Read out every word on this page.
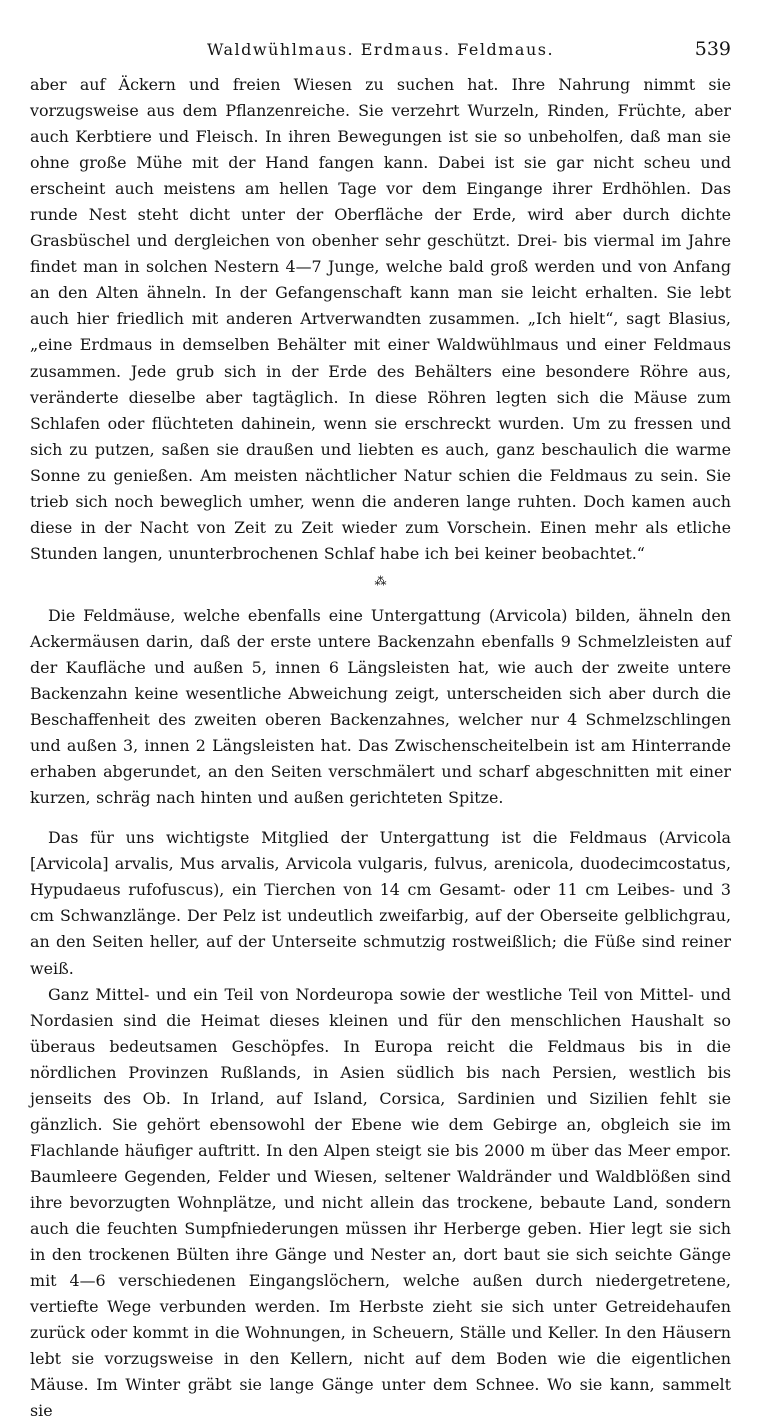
Waldwühlmaus. Erdmaus. Feldmaus.	539

aber auf Äckern und freien Wiesen zu suchen hat. Ihre Nahrung nimmt sie vorzugsweise aus dem Pflanzenreiche. Sie verzehrt Wurzeln, Rinden, Früchte, aber auch Kerbtiere und Fleisch. In ihren Bewegungen ist sie so unbeholfen, daß man sie ohne große Mühe mit der Hand fangen kann. Dabei ist sie gar nicht scheu und erscheint auch meistens am hellen Tage vor dem Eingange ihrer Erdhöhlen. Das runde Nest steht dicht unter der Oberfläche der Erde, wird aber durch dichte Grasbüschel und dergleichen von obenher sehr geschützt. Drei- bis viermal im Jahre findet man in solchen Nestern 4—7 Junge, welche bald groß werden und von Anfang an den Alten ähneln. In der Gefangenschaft kann man sie leicht erhalten. Sie lebt auch hier friedlich mit anderen Artverwandten zusammen. „Ich hielt“, sagt Blasius, „eine Erdmaus in demselben Behälter mit einer Waldwühlmaus und einer Feldmaus zusammen. Jede grub sich in der Erde des Behälters eine besondere Röhre aus, veränderte dieselbe aber tagtäglich. In diese Röhren legten sich die Mäuse zum Schlafen oder flüchteten dahinein, wenn sie erschreckt wurden. Um zu fressen und sich zu putzen, saßen sie draußen und liebten es auch, ganz beschaulich die warme Sonne zu genießen. Am meisten nächtlicher Natur schien die Feldmaus zu sein. Sie trieb sich noch beweglich umher, wenn die anderen lange ruhten. Doch kamen auch diese in der Nacht von Zeit zu Zeit wieder zum Vorschein. Einen mehr als etliche Stunden langen, ununterbrochenen Schlaf habe ich bei keiner beobachtet.“

⁂

Die Feldmäuse, welche ebenfalls eine Untergattung (Arvicola) bilden, ähneln den Ackermäusen darin, daß der erste untere Backenzahn ebenfalls 9 Schmelzleisten auf der Kaufläche und außen 5, innen 6 Längsleisten hat, wie auch der zweite untere Backenzahn keine wesentliche Abweichung zeigt, unterscheiden sich aber durch die Beschaffenheit des zweiten oberen Backenzahnes, welcher nur 4 Schmelzschlingen und außen 3, innen 2 Längsleisten hat. Das Zwischenscheitelbein ist am Hinterrande erhaben abgerundet, an den Seiten verschmälert und scharf abgeschnitten mit einer kurzen, schräg nach hinten und außen gerichteten Spitze.

Das für uns wichtigste Mitglied der Untergattung ist die Feldmaus (Arvicola [Arvicola] arvalis, Mus arvalis, Arvicola vulgaris, fulvus, arenicola, duodecimcostatus, Hypudaeus rufofuscus), ein Tierchen von 14 cm Gesamt- oder 11 cm Leibes- und 3 cm Schwanzlänge. Der Pelz ist undeutlich zweifarbig, auf der Oberseite gelblichgrau, an den Seiten heller, auf der Unterseite schmutzig rostweißlich; die Füße sind reiner weiß.

Ganz Mittel- und ein Teil von Nordeuropa sowie der westliche Teil von Mittel- und Nordasien sind die Heimat dieses kleinen und für den menschlichen Haushalt so überaus bedeutsamen Geschöpfes. In Europa reicht die Feldmaus bis in die nördlichen Provinzen Rußlands, in Asien südlich bis nach Persien, westlich bis jenseits des Ob. In Irland, auf Island, Corsica, Sardinien und Sizilien fehlt sie gänzlich. Sie gehört ebensowohl der Ebene wie dem Gebirge an, obgleich sie im Flachlande häufiger auftritt. In den Alpen steigt sie bis 2000 m über das Meer empor. Baumleere Gegenden, Felder und Wiesen, seltener Waldränder und Waldblößen sind ihre bevorzugten Wohnplätze, und nicht allein das trockene, bebaute Land, sondern auch die feuchten Sumpfniederungen müssen ihr Herberge geben. Hier legt sie sich in den trockenen Bülten ihre Gänge und Nester an, dort baut sie sich seichte Gänge mit 4—6 verschiedenen Eingangslöchern, welche außen durch niedergetretene, vertiefte Wege verbunden werden. Im Herbste zieht sie sich unter Getreidehaufen zurück oder kommt in die Wohnungen, in Scheuern, Ställe und Keller. In den Häusern lebt sie vorzugsweise in den Kellern, nicht auf dem Boden wie die eigentlichen Mäuse. Im Winter gräbt sie lange Gänge unter dem Schnee. Wo sie kann, sammelt sie
